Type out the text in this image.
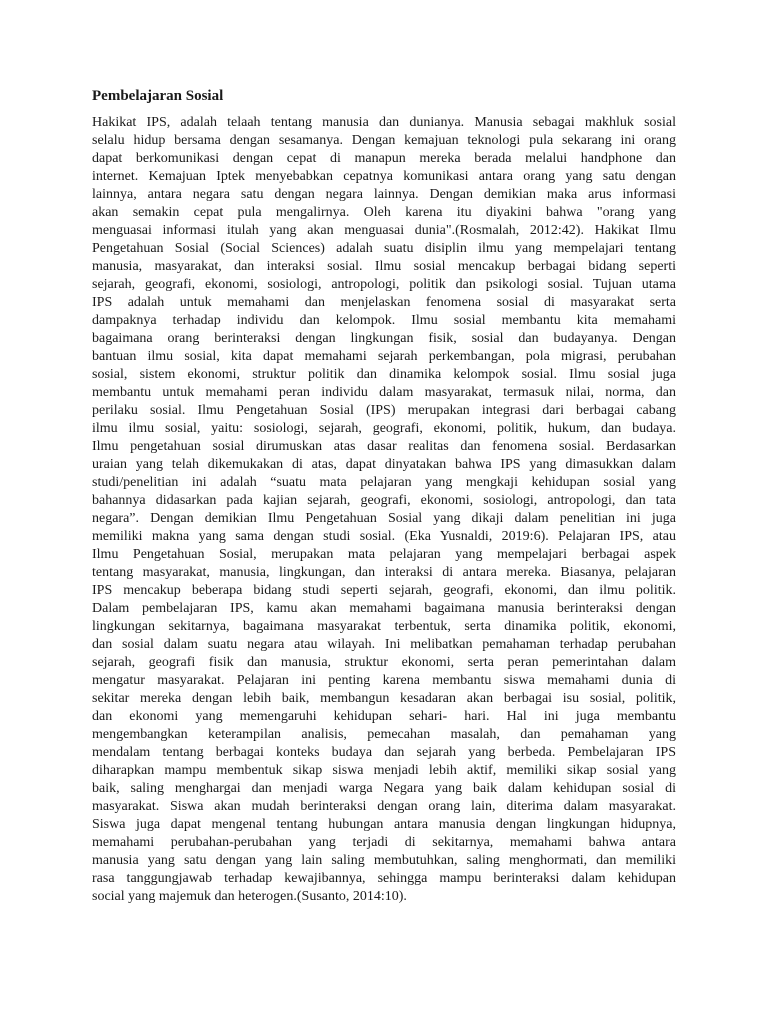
Pembelajaran Sosial
Hakikat IPS, adalah telaah tentang manusia dan dunianya. Manusia sebagai makhluk sosial
selalu hidup bersama dengan sesamanya. Dengan kemajuan teknologi pula sekarang ini orang
dapat berkomunikasi dengan cepat di manapun mereka berada melalui handphone dan
internet. Kemajuan Iptek menyebabkan cepatnya komunikasi antara orang yang satu dengan
lainnya, antara negara satu dengan negara lainnya. Dengan demikian maka arus informasi
akan semakin cepat pula mengalirnya. Oleh karena itu diyakini bahwa "orang yang
menguasai informasi itulah yang akan menguasai dunia".(Rosmalah, 2012:42). Hakikat Ilmu
Pengetahuan Sosial (Social Sciences) adalah suatu disiplin ilmu yang mempelajari tentang
manusia, masyarakat, dan interaksi sosial. Ilmu sosial mencakup berbagai bidang seperti
sejarah, geografi, ekonomi, sosiologi, antropologi, politik dan psikologi sosial. Tujuan utama
IPS adalah untuk memahami dan menjelaskan fenomena sosial di masyarakat serta
dampaknya terhadap individu dan kelompok. Ilmu sosial membantu kita memahami
bagaimana orang berinteraksi dengan lingkungan fisik, sosial dan budayanya. Dengan
bantuan ilmu sosial, kita dapat memahami sejarah perkembangan, pola migrasi, perubahan
sosial, sistem ekonomi, struktur politik dan dinamika kelompok sosial. Ilmu sosial juga
membantu untuk memahami peran individu dalam masyarakat, termasuk nilai, norma, dan
perilaku sosial. Ilmu Pengetahuan Sosial (IPS) merupakan integrasi dari berbagai cabang
ilmu ilmu sosial, yaitu: sosiologi, sejarah, geografi, ekonomi, politik, hukum, dan budaya.
Ilmu pengetahuan sosial dirumuskan atas dasar realitas dan fenomena sosial. Berdasarkan
uraian yang telah dikemukakan di atas, dapat dinyatakan bahwa IPS yang dimasukkan dalam
studi/penelitian ini adalah “suatu mata pelajaran yang mengkaji kehidupan sosial yang
bahannya didasarkan pada kajian sejarah, geografi, ekonomi, sosiologi, antropologi, dan tata
negara”. Dengan demikian Ilmu Pengetahuan Sosial yang dikaji dalam penelitian ini juga
memiliki makna yang sama dengan studi sosial. (Eka Yusnaldi, 2019:6). Pelajaran IPS, atau
Ilmu Pengetahuan Sosial, merupakan mata pelajaran yang mempelajari berbagai aspek
tentang masyarakat, manusia, lingkungan, dan interaksi di antara mereka. Biasanya, pelajaran
IPS mencakup beberapa bidang studi seperti sejarah, geografi, ekonomi, dan ilmu politik.
Dalam pembelajaran IPS, kamu akan memahami bagaimana manusia berinteraksi dengan
lingkungan sekitarnya, bagaimana masyarakat terbentuk, serta dinamika politik, ekonomi,
dan sosial dalam suatu negara atau wilayah. Ini melibatkan pemahaman terhadap perubahan
sejarah, geografi fisik dan manusia, struktur ekonomi, serta peran pemerintahan dalam
mengatur masyarakat. Pelajaran ini penting karena membantu siswa memahami dunia di
sekitar mereka dengan lebih baik, membangun kesadaran akan berbagai isu sosial, politik,
dan ekonomi yang memengaruhi kehidupan sehari- hari. Hal ini juga membantu
mengembangkan keterampilan analisis, pemecahan masalah, dan pemahaman yang
mendalam tentang berbagai konteks budaya dan sejarah yang berbeda. Pembelajaran IPS
diharapkan mampu membentuk sikap siswa menjadi lebih aktif, memiliki sikap sosial yang
baik, saling menghargai dan menjadi warga Negara yang baik dalam kehidupan sosial di
masyarakat. Siswa akan mudah berinteraksi dengan orang lain, diterima dalam masyarakat.
Siswa juga dapat mengenal tentang hubungan antara manusia dengan lingkungan hidupnya,
memahami perubahan-perubahan yang terjadi di sekitarnya, memahami bahwa antara
manusia yang satu dengan yang lain saling membutuhkan, saling menghormati, dan memiliki
rasa tanggungjawab terhadap kewajibannya, sehingga mampu berinteraksi dalam kehidupan
social yang majemuk dan heterogen.(Susanto, 2014:10).
